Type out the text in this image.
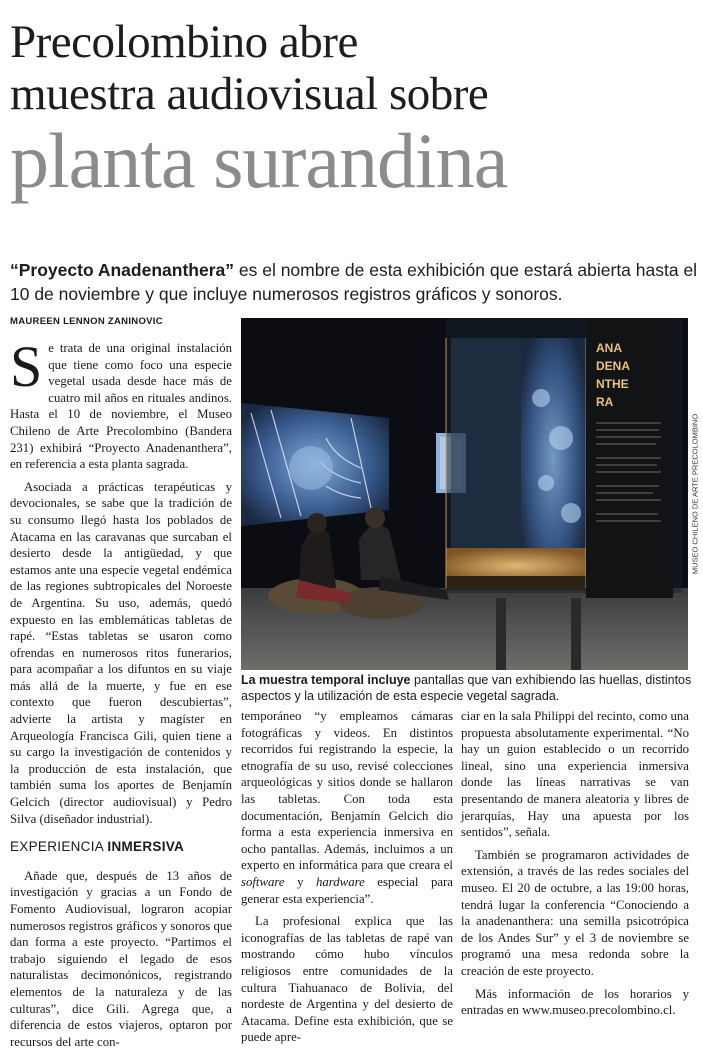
Precolombino abre
muestra audiovisual sobre
planta surandina
“Proyecto Anadenanthera” es el nombre de esta exhibición que estará abierta hasta el 10 de noviembre y que incluye numerosos registros gráficos y sonoros.
MAUREEN LENNON ZANINOVIC

Se trata de una original instalación que tiene como foco una especie vegetal usada desde hace más de cuatro mil años en rituales andinos. Hasta el 10 de noviembre, el Museo Chileno de Arte Precolombino (Bandera 231) exhibirá “Proyecto Anadenanthera”, en referencia a esta planta sagrada.

Asociada a prácticas terapéuticas y devocionales, se sabe que la tradición de su consumo llegó hasta los poblados de Atacama en las caravanas que surcaban el desierto desde la antigüedad, y que estamos ante una especie vegetal endémica de las regiones subtropicales del Noroeste de Argentina. Su uso, además, quedó expuesto en las emblemáticas tabletas de rapé. “Estas tabletas se usaron como ofrendas en numerosos ritos funerarios, para acompañar a los difuntos en su viaje más allá de la muerte, y fue en ese contexto que fueron descubiertas”, advierte la artista y magíster en Arqueología Francisca Gili, quien tiene a su cargo la investigación de contenidos y la producción de esta instalación, que también suma los aportes de Benjamín Gelcich (director audiovisual) y Pedro Silva (diseñador industrial).

EXPERIENCIA INMERSIVA

Añade que, después de 13 años de investigación y gracias a un Fondo de Fomento Audiovisual, lograron acopiar numerosos registros gráficos y sonoros que dan forma a este proyecto. “Partimos el trabajo siguiendo el legado de esos naturalistas decimonónicos, registrando elementos de la naturaleza y de las culturas”, dice Gili. Agrega que, a diferencia de estos viajeros, optaron por recursos del arte con-

ANA
DENA
NTHE
RA
MUSEO CHILENO DE ARTE PRECOLOMBINO
La muestra temporal incluye pantallas que van exhibiendo las huellas, distintos aspectos y la utilización de esta especie vegetal sagrada.

temporáneo “y empleamos cámaras fotográficas y videos. En distintos recorridos fui registrando la especie, la etnografía de su uso, revisé colecciones arqueológicas y sitios donde se hallaron las tabletas. Con toda esta documentación, Benjamín Gelcich dio forma a esta experiencia inmersiva en ocho pantallas. Además, incluimos a un experto en informática para que creara el software y hardware especial para generar esta experiencia”.

La profesional explica que las iconografías de las tabletas de rapé van mostrando cómo hubo vínculos religiosos entre comunidades de la cultura Tiahuanaco de Bolivia, del nordeste de Argentina y del desierto de Atacama. Define esta exhibición, que se puede apre-

ciar en la sala Philippi del recinto, como una propuesta absolutamente experimental. “No hay un guion establecido o un recorrido lineal, sino una experiencia inmersiva donde las líneas narrativas se van presentando de manera aleatoria y libres de jerarquías, Hay una apuesta por los sentidos”, señala.

También se programaron actividades de extensión, a través de las redes sociales del museo. El 20 de octubre, a las 19:00 horas, tendrá lugar la conferencia “Conociendo a la anadenanthera: una semilla psicotrópica de los Andes Sur” y el 3 de noviembre se programó una mesa redonda sobre la creación de este proyecto.

Más información de los horarios y entradas en www.museo.precolombino.cl.
